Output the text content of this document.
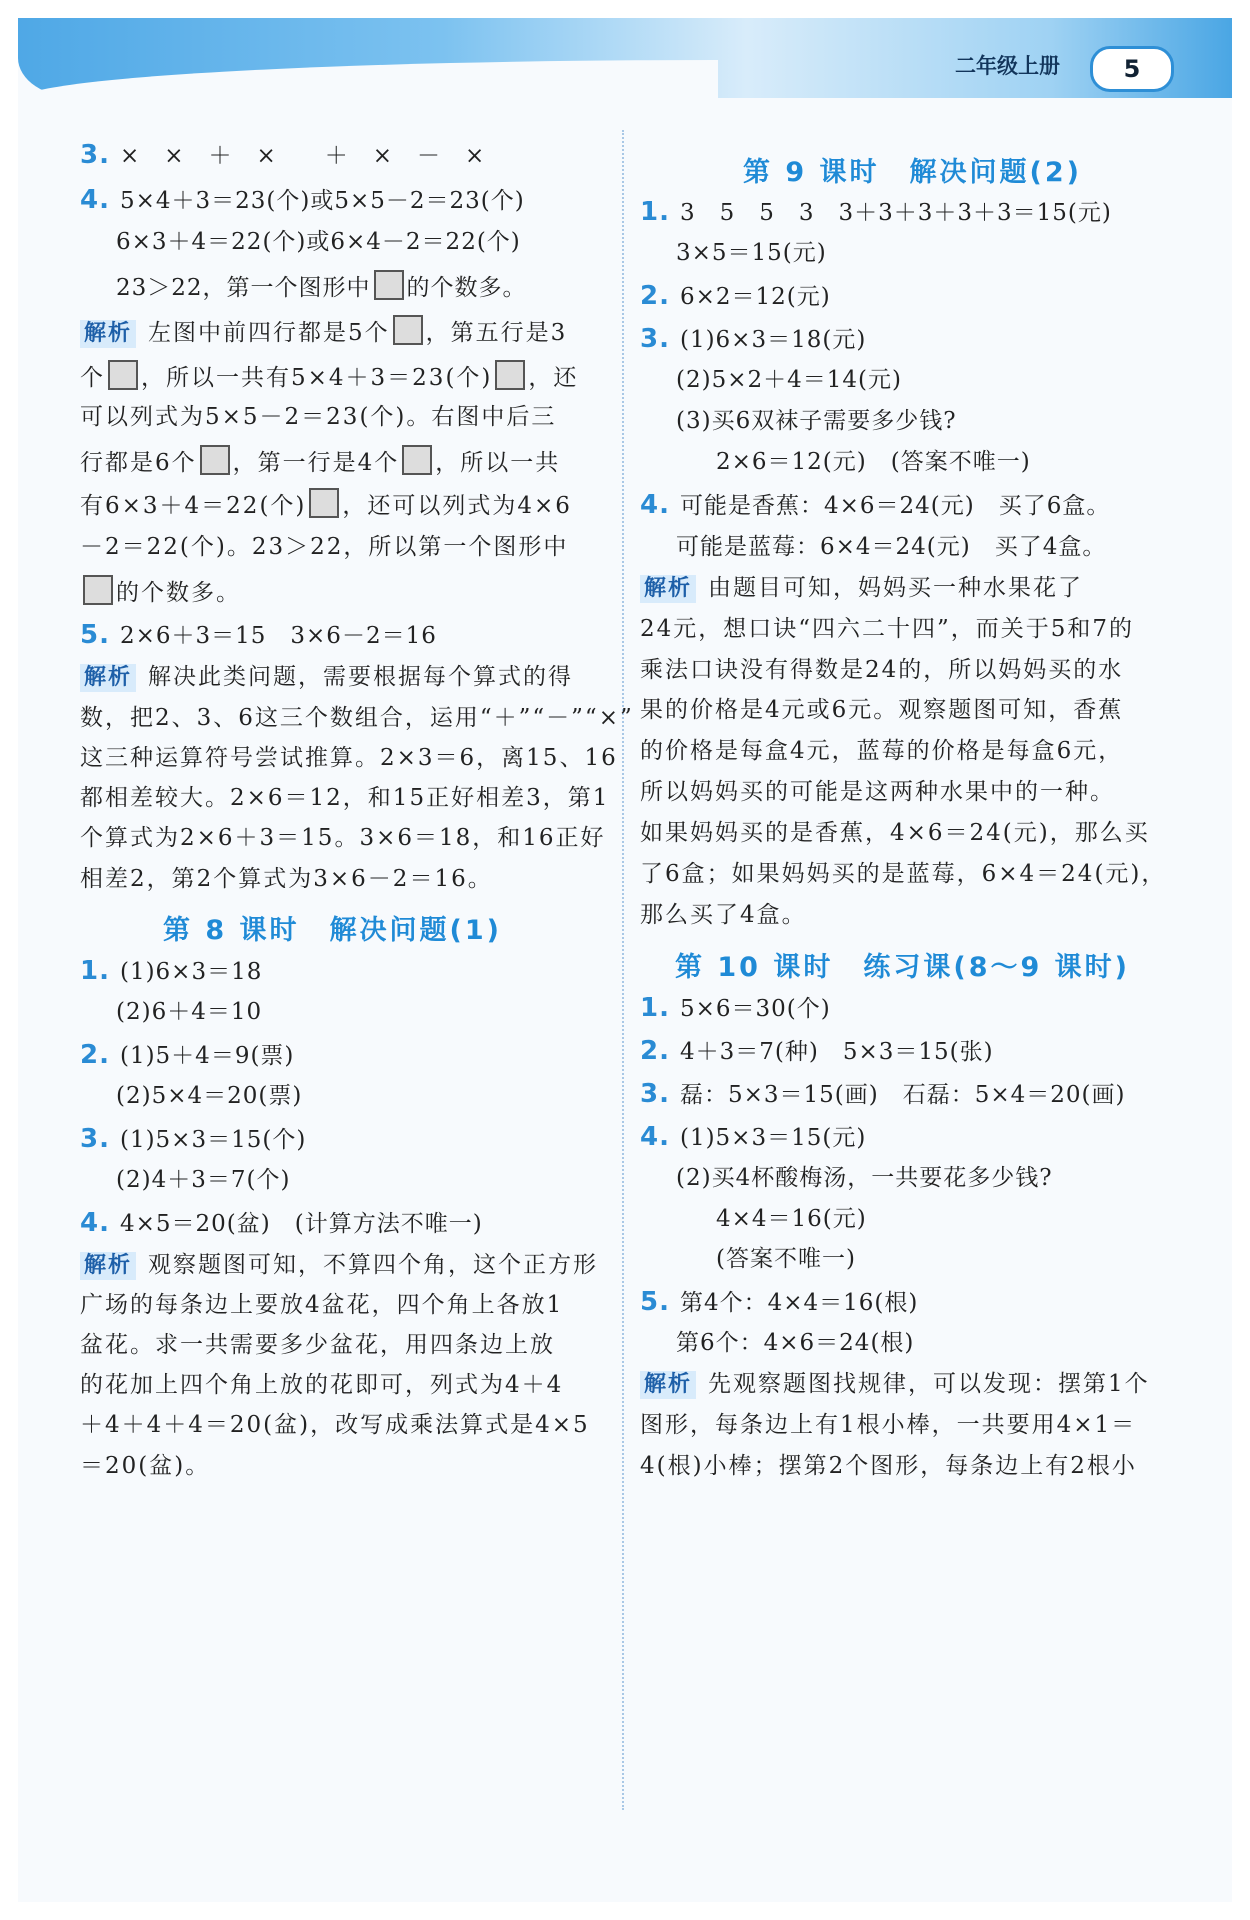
二年级上册	5
3. ×　×　＋　×　　＋　×　－　×
4. 5×4＋3＝23(个)或5×5－2＝23(个)
6×3＋4＝22(个)或6×4－2＝22(个)
23＞22，第一个图形中 的个数多。
解析 左图中前四行都是5个 ，第五行是3
个 ，所以一共有5×4＋3＝23(个) ，还
可以列式为5×5－2＝23(个)。右图中后三
行都是6个 ，第一行是4个 ，所以一共
有6×3＋4＝22(个) ，还可以列式为4×6
－2＝22(个)。23＞22，所以第一个图形中
的个数多。
5. 2×6＋3＝15　3×6－2＝16
解析 解决此类问题，需要根据每个算式的得
数，把2、3、6这三个数组合，运用“＋”“－”“×”
这三种运算符号尝试推算。2×3＝6，离15、16
都相差较大。2×6＝12，和15正好相差3，第1
个算式为2×6＋3＝15。3×6＝18，和16正好
相差2，第2个算式为3×6－2＝16。
第 8 课时　解决问题(1)
1. (1)6×3＝18
(2)6＋4＝10
2. (1)5＋4＝9(票)
(2)5×4＝20(票)
3. (1)5×3＝15(个)
(2)4＋3＝7(个)
4. 4×5＝20(盆)　(计算方法不唯一)
解析 观察题图可知，不算四个角，这个正方形
广场的每条边上要放4盆花，四个角上各放1
盆花。求一共需要多少盆花，用四条边上放
的花加上四个角上放的花即可，列式为4＋4
＋4＋4＋4＝20(盆)，改写成乘法算式是4×5
＝20(盆)。
第 9 课时　解决问题(2)
1. 3　5　5　3　3＋3＋3＋3＋3＝15(元)
3×5＝15(元)
2. 6×2＝12(元)
3. (1)6×3＝18(元)
(2)5×2＋4＝14(元)
(3)买6双袜子需要多少钱?
2×6＝12(元)　(答案不唯一)
4. 可能是香蕉：4×6＝24(元)　买了6盒。
可能是蓝莓：6×4＝24(元)　买了4盒。
解析 由题目可知，妈妈买一种水果花了
24元，想口诀“四六二十四”，而关于5和7的
乘法口诀没有得数是24的，所以妈妈买的水
果的价格是4元或6元。观察题图可知，香蕉
的价格是每盒4元，蓝莓的价格是每盒6元，
所以妈妈买的可能是这两种水果中的一种。
如果妈妈买的是香蕉，4×6＝24(元)，那么买
了6盒；如果妈妈买的是蓝莓，6×4＝24(元)，
那么买了4盒。
第 10 课时　练习课(8～9 课时)
1. 5×6＝30(个)
2. 4＋3＝7(种)　5×3＝15(张)
3. 磊：5×3＝15(画)　石磊：5×4＝20(画)
4. (1)5×3＝15(元)
(2)买4杯酸梅汤，一共要花多少钱?
4×4＝16(元)
(答案不唯一)
5. 第4个：4×4＝16(根)
第6个：4×6＝24(根)
解析 先观察题图找规律，可以发现：摆第1个
图形，每条边上有1根小棒，一共要用4×1＝
4(根)小棒；摆第2个图形，每条边上有2根小
